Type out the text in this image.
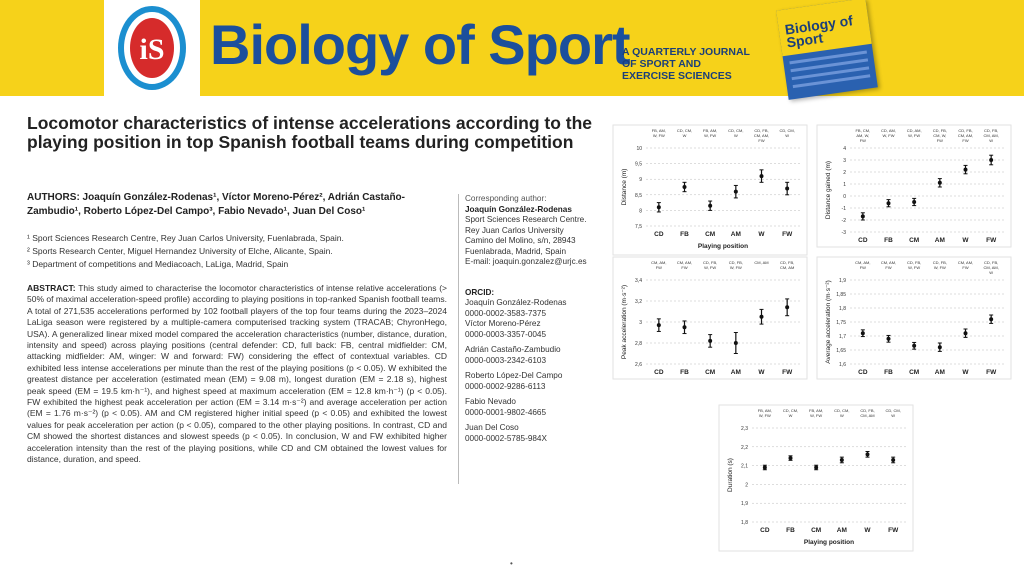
iS Biology of Sport
A QUARTERLY JOURNAL
OF SPORT AND
EXERCISE SCIENCES
Biology of Sport
Locomotor characteristics of intense accelerations according to the playing position in top Spanish football teams during competition
AUTHORS: Joaquín González-Rodenas¹, Víctor Moreno-Pérez², Adrián Castaño-Zambudio¹, Roberto López-Del Campo³, Fabio Nevado¹, Juan Del Coso¹
¹ Sport Sciences Research Centre, Rey Juan Carlos University, Fuenlabrada, Spain.
² Sports Research Center, Miguel Hernandez University of Elche, Alicante, Spain.
³ Department of competitions and Mediacoach, LaLiga, Madrid, Spain
ABSTRACT: This study aimed to characterise the locomotor characteristics of intense relative accelerations (> 50% of maximal acceleration-speed profile) according to playing positions in top-ranked Spanish football teams. A total of 271,535 accelerations performed by 102 football players of the top four teams during the 2023–2024 LaLiga season were registered by a multiple-camera computerised tracking system (TRACAB; ChyronHego, USA). A generalized linear mixed model compared the acceleration characteristics (number, distance, duration, intensity and speed) across playing positions (central defender: CD, full back: FB, central midfielder: CM, attacking midfielder: AM, winger: W and forward: FW) considering the effect of contextual variables. CD exhibited less intense accelerations per minute than the rest of the playing positions (p < 0.05). W exhibited the greatest distance per acceleration (estimated mean (EM) = 9.08 m), longest duration (EM = 2.18 s), highest peak speed (EM = 19.5 km·h⁻¹), and highest speed at maximum acceleration (EM = 12.8 km·h⁻¹) (p < 0.05). FW exhibited the highest peak acceleration per action (EM = 3.14 m·s⁻²) and average acceleration per action (EM = 1.76 m·s⁻²) (p < 0.05). AM and CM registered higher initial speed (p < 0.05) and exhibited the lowest values for peak acceleration per action (p < 0.05), compared to the other playing positions. In contrast, CD and CM showed the shortest distances and slowest speeds (p < 0.05). In conclusion, W and FW exhibited higher acceleration intensity than the rest of the playing positions, while CD and CM obtained the lowest values for distance, duration, and speed.
Corresponding author:
Joaquín González-Rodenas
Sport Sciences Research Centre.
Rey Juan Carlos University
Camino del Molino, s/n, 28943
Fuenlabrada, Madrid, Spain
E-mail: joaquin.gonzalez@urjc.es
ORCID:
Joaquín González-Rodenas
0000-0002-3583-7375
Víctor Moreno-Pérez
0000-0003-3357-0045
Adrián Castaño-Zambudio
0000-0003-2342-6103
Roberto López-Del Campo
0000-0002-9286-6113
Fabio Nevado
0000-0001-9802-4665
Juan Del Coso
0000-0002-5785-984X
7,5
8
8,5
9
9,5
10
Distance (m)
CD
FB, AM,
W, FW
FB
CD, CM,
W
CM
FB, AM,
W, FW
AM
CD, CM,
W
W
CD, FB,
CM, AM,
FW
FW
CD, CM,
W
Playing position
-3
-2
-1
0
1
2
3
4
Distance gained (m)
CD
FB, CM,
AM, W,
FW
FB
CD, AM,
W, FW
CM
CD, AM,
W, FW
AM
CD, FB,
CM, W,
FW
W
CD, FB,
CM, AM,
FW
FW
CD, FB,
CM, AM,
W
2,6
2,8
3
3,2
3,4
Peak acceleration (m·s⁻²)
CD
CM, AM,
FW
FB
CM, AM,
FW
CM
CD, FB,
W, FW
AM
CD, FB,
W, FW
W
CM, AM
FW
CD, FB,
CM, AM
1,6
1,65
1,7
1,75
1,8
1,85
1,9
Average acceleration (m·s⁻²)
CD
CM, AM,
FW
FB
CM, AM,
FW
CM
CD, FB,
W, FW
AM
CD, FB,
W, FW
W
CM, AM,
FW
FW
CD, FB,
CM, AM,
W
1,8
1,9
2
2,1
2,2
2,3
Duration (s)
CD
FB, AM,
W, FW
FB
CD, CM,
W
CM
FB, AM,
W, FW
AM
CD, CM,
W
W
CD, FB,
CM, AM
FW
CD, CM,
W
Playing position
•
